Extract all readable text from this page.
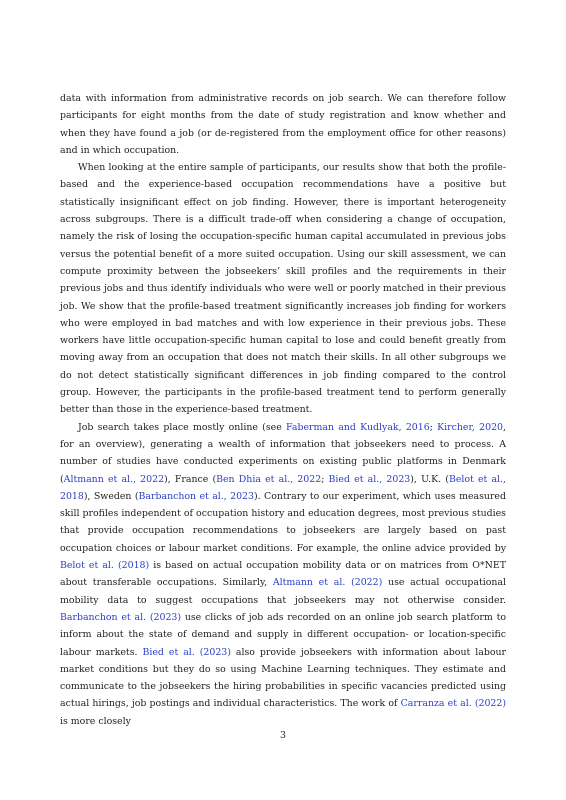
data with information from administrative records on job search. We can therefore follow participants for eight months from the date of study registration and know whether and when they have found a job (or de-registered from the employment office for other reasons) and in which occupation.

When looking at the entire sample of participants, our results show that both the profile-based and the experience-based occupation recommendations have a positive but statistically insignificant effect on job finding. However, there is important heterogeneity across subgroups. There is a difficult trade-off when considering a change of occupation, namely the risk of losing the occupation-specific human capital accumulated in previous jobs versus the potential benefit of a more suited occupation. Using our skill assessment, we can compute proximity between the jobseekers’ skill profiles and the requirements in their previous jobs and thus identify individuals who were well or poorly matched in their previous job. We show that the profile-based treatment significantly increases job finding for workers who were employed in bad matches and with low experience in their previous jobs. These workers have little occupation-specific human capital to lose and could benefit greatly from moving away from an occupation that does not match their skills. In all other subgroups we do not detect statistically significant differences in job finding compared to the control group. However, the participants in the profile-based treatment tend to perform generally better than those in the experience-based treatment.

Job search takes place mostly online (see Faberman and Kudlyak, 2016; Kircher, 2020, for an overview), generating a wealth of information that jobseekers need to process. A number of studies have conducted experiments on existing public platforms in Denmark (Altmann et al., 2022), France (Ben Dhia et al., 2022; Bied et al., 2023), U.K. (Belot et al., 2018), Sweden (Barbanchon et al., 2023). Contrary to our experiment, which uses measured skill profiles independent of occupation history and education degrees, most previous studies that provide occupation recommendations to jobseekers are largely based on past occupation choices or labour market conditions. For example, the online advice provided by Belot et al. (2018) is based on actual occupation mobility data or on matrices from O*NET about transferable occupations. Similarly, Altmann et al. (2022) use actual occupational mobility data to suggest occupations that jobseekers may not otherwise consider. Barbanchon et al. (2023) use clicks of job ads recorded on an online job search platform to inform about the state of demand and supply in different occupation- or location-specific labour markets. Bied et al. (2023) also provide jobseekers with information about labour market conditions but they do so using Machine Learning techniques. They estimate and communicate to the jobseekers the hiring probabilities in specific vacancies predicted using actual hirings, job postings and individual characteristics. The work of Carranza et al. (2022) is more closely

3
